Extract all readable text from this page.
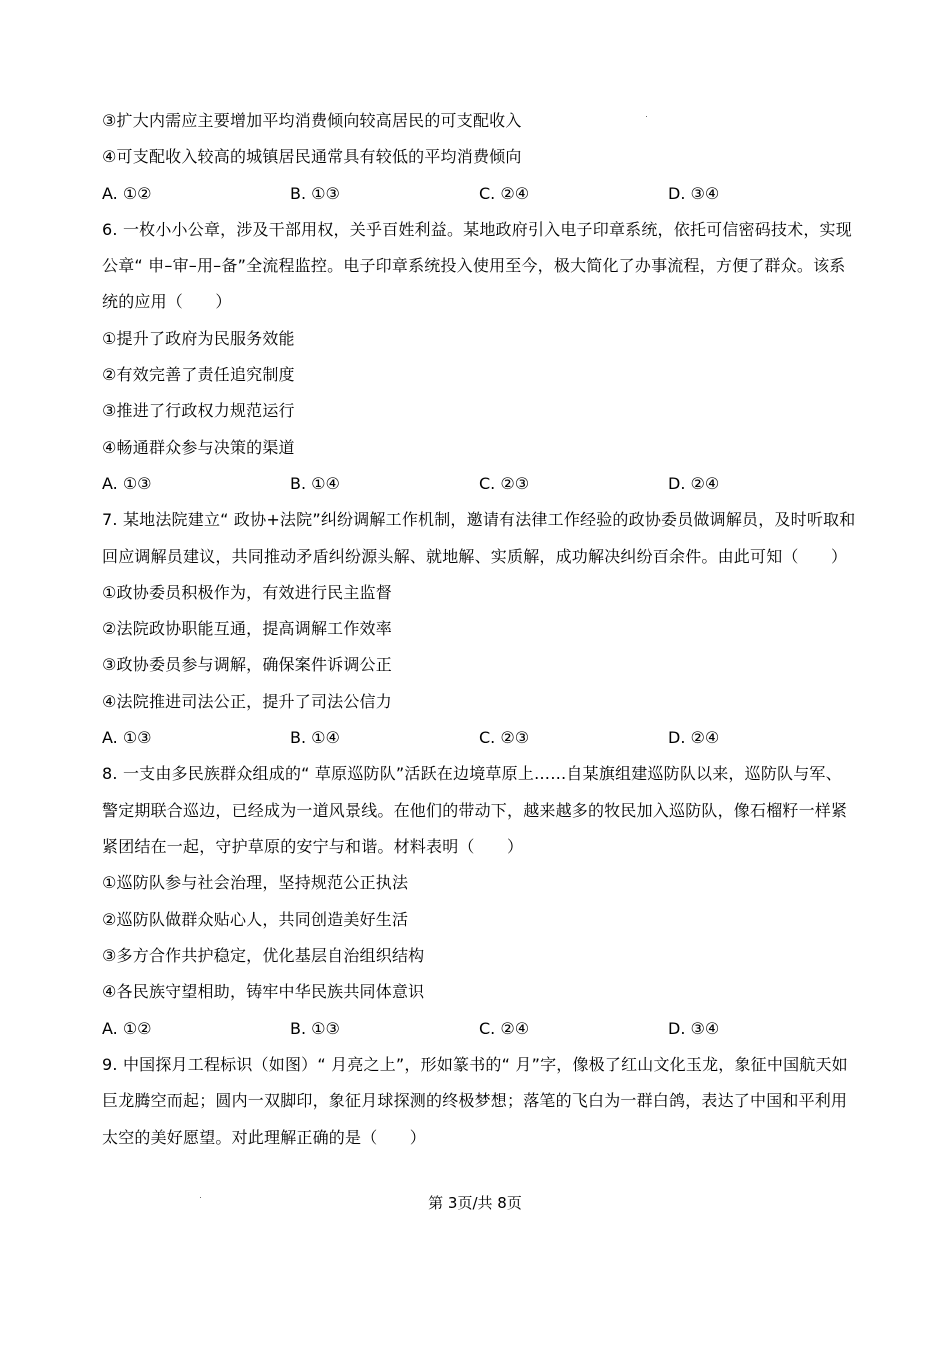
③扩大内需应主要增加平均消费倾向较高居民的可支配收入
④可支配收入较高的城镇居民通常具有较低的平均消费倾向
A. ①②	B. ①③	C. ②④	D. ③④
6. 一枚小小公章，涉及干部用权，关乎百姓利益。某地政府引入电子印章系统，依托可信密码技术，实现
公章“ 申–审–用–备”全流程监控。电子印章系统投入使用至今，极大简化了办事流程，方便了群众。该系
统的应用（　　）
①提升了政府为民服务效能
②有效完善了责任追究制度
③推进了行政权力规范运行
④畅通群众参与决策的渠道
A. ①③	B. ①④	C. ②③	D. ②④
7. 某地法院建立“ 政协+法院”纠纷调解工作机制，邀请有法律工作经验的政协委员做调解员，及时听取和
回应调解员建议，共同推动矛盾纠纷源头解、就地解、实质解，成功解决纠纷百余件。由此可知（　　）
①政协委员积极作为，有效进行民主监督
②法院政协职能互通，提高调解工作效率
③政协委员参与调解，确保案件诉调公正
④法院推进司法公正，提升了司法公信力
A. ①③	B. ①④	C. ②③	D. ②④
8. 一支由多民族群众组成的“ 草原巡防队”活跃在边境草原上……自某旗组建巡防队以来，巡防队与军、
警定期联合巡边，已经成为一道风景线。在他们的带动下，越来越多的牧民加入巡防队，像石榴籽一样紧
紧团结在一起，守护草原的安宁与和谐。材料表明（　　）
①巡防队参与社会治理，坚持规范公正执法
②巡防队做群众贴心人，共同创造美好生活
③多方合作共护稳定，优化基层自治组织结构
④各民族守望相助，铸牢中华民族共同体意识
A. ①②	B. ①③	C. ②④	D. ③④
9. 中国探月工程标识（如图）“ 月亮之上”，形如篆书的“ 月”字，像极了红山文化玉龙，象征中国航天如
巨龙腾空而起；圆内一双脚印，象征月球探测的终极梦想；落笔的飞白为一群白鸽，表达了中国和平利用
太空的美好愿望。对此理解正确的是（　　）
第 3页/共 8页
